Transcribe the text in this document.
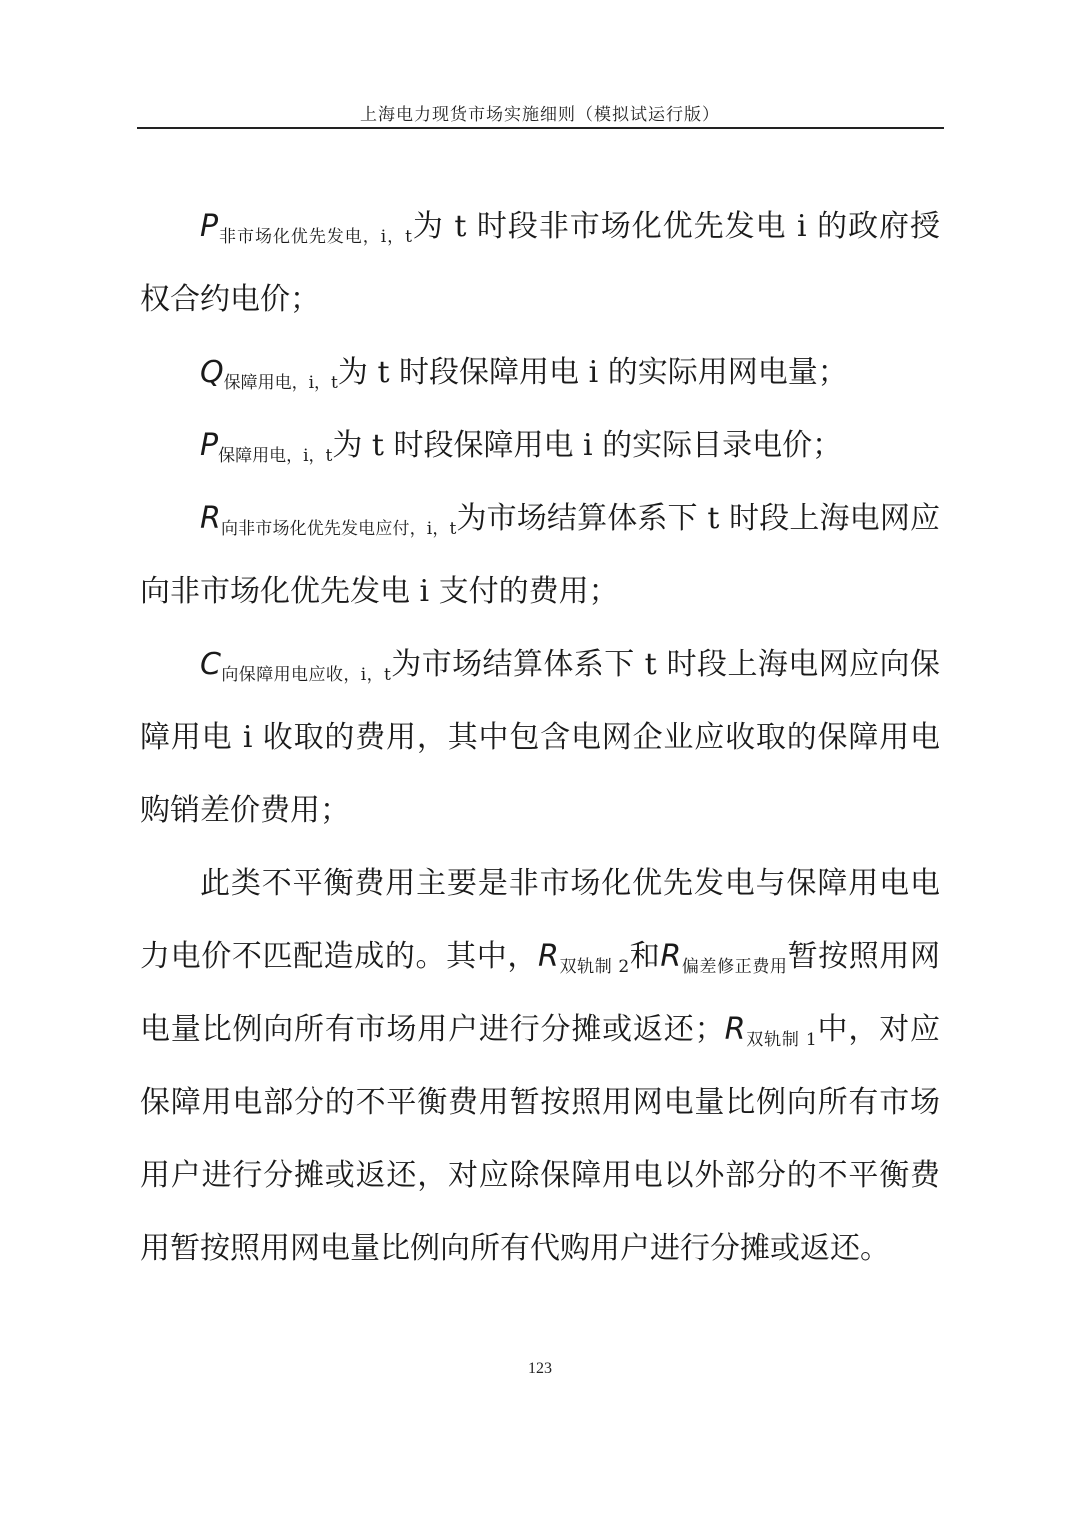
上海电力现货市场实施细则（模拟试运行版）

$P_{非市场化优先发电,i,t}$为 t 时段非市场化优先发电 i 的政府授权合约电价；

$Q_{保障用电,i,t}$为 t 时段保障用电 i 的实际用网电量；

$P_{保障用电,i,t}$为 t 时段保障用电 i 的实际目录电价；

$R_{向非市场化优先发电应付,i,t}$为市场结算体系下 t 时段上海电网应向非市场化优先发电 i 支付的费用；

$C_{向保障用电应收,i,t}$为市场结算体系下 t 时段上海电网应向保障用电 i 收取的费用，其中包含电网企业应收取的保障用电购销差价费用；

此类不平衡费用主要是非市场化优先发电与保障用电电力电价不匹配造成的。其中，$R_{双轨制 2}$和$R_{偏差修正费用}$暂按照用网电量比例向所有市场用户进行分摊或返还；$R_{双轨制 1}$中，对应保障用电部分的不平衡费用暂按照用网电量比例向所有市场用户进行分摊或返还，对应除保障用电以外部分的不平衡费用暂按照用网电量比例向所有代购用户进行分摊或返还。

123
